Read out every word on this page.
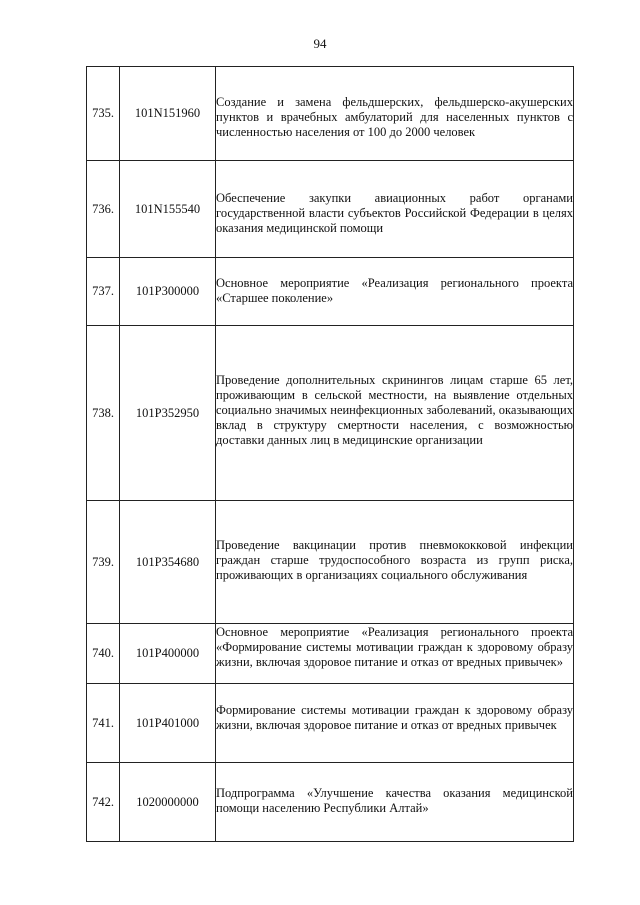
94
735.	101N151960	Создание и замена фельдшерских, фельдшерско-акушерских пунктов и врачебных амбулаторий для населенных пунктов с численностью населения от 100 до 2000 человек

736.	101N155540	Обеспечение закупки авиационных работ органами государственной власти субъектов Российской Федерации в целях оказания медицинской помощи

737.	101P300000	Основное мероприятие «Реализация регионального проекта «Старшее поколение»

738.	101P352950	Проведение дополнительных скринингов лицам старше 65 лет, проживающим в сельской местности, на выявление отдельных социально значимых неинфекционных заболеваний, оказывающих вклад в структуру смертности населения, с возможностью доставки данных лиц в медицинские организации

739.	101P354680	Проведение вакцинации против пневмококковой инфекции граждан старше трудоспособного возраста из групп риска, проживающих в организациях социального обслуживания

740.	101P400000	Основное мероприятие «Реализация регионального проекта «Формирование системы мотивации граждан к здоровому образу жизни, включая здоровое питание и отказ от вредных привычек»

741.	101P401000	Формирование системы мотивации граждан к здоровому образу жизни, включая здоровое питание и отказ от вредных привычек

742.	1020000000	Подпрограмма «Улучшение качества оказания медицинской помощи населению Республики Алтай»
